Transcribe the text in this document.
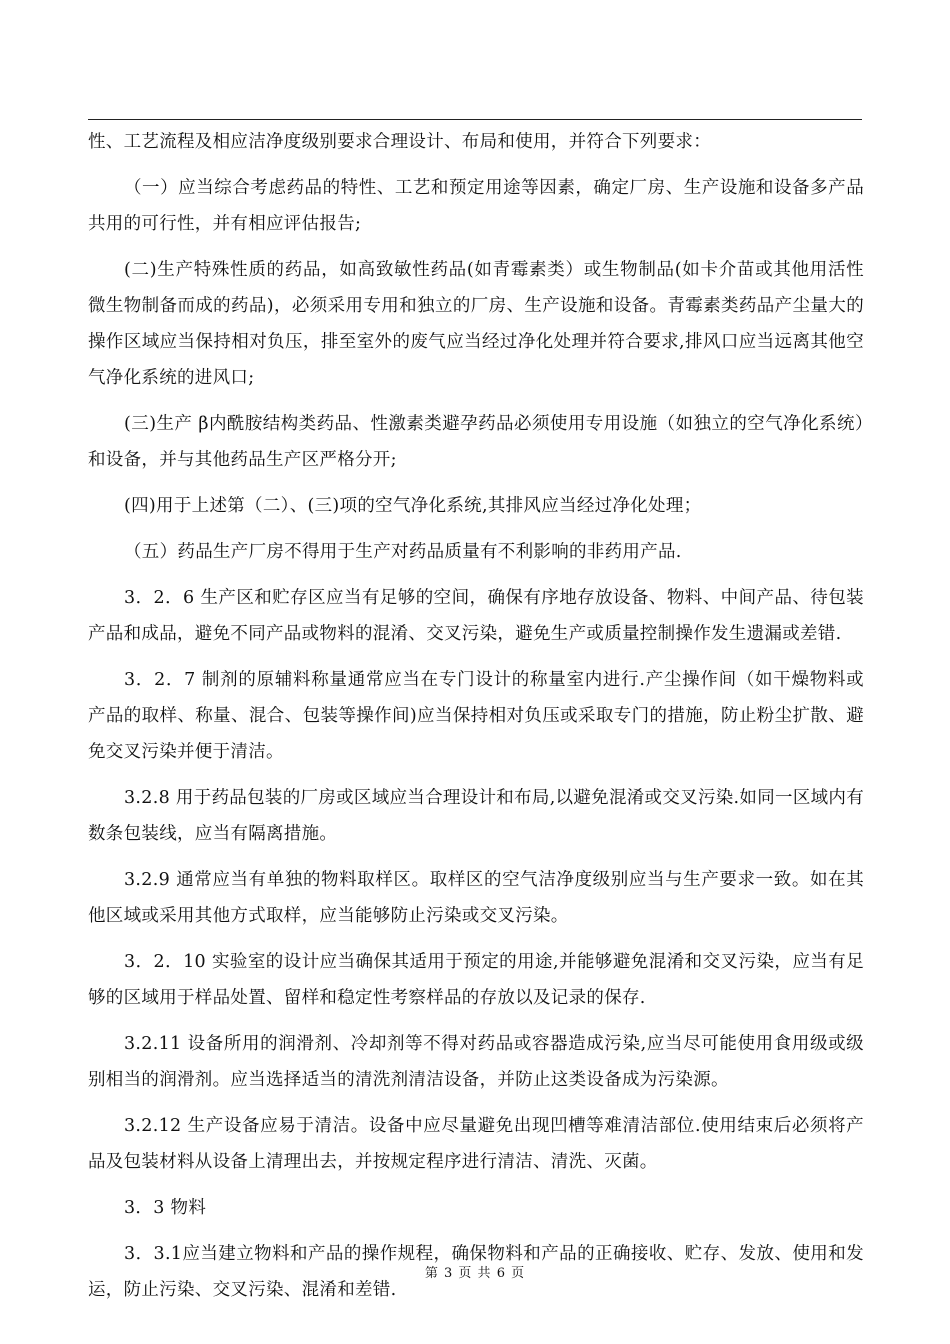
性、工艺流程及相应洁净度级别要求合理设计、布局和使用，并符合下列要求：

（一）应当综合考虑药品的特性、工艺和预定用途等因素，确定厂房、生产设施和设备多产品共用的可行性，并有相应评估报告;

(二)生产特殊性质的药品，如高致敏性药品(如青霉素类）或生物制品(如卡介苗或其他用活性微生物制备而成的药品)，必须采用专用和独立的厂房、生产设施和设备。青霉素类药品产尘量大的操作区域应当保持相对负压，排至室外的废气应当经过净化处理并符合要求,排风口应当远离其他空气净化系统的进风口;

(三)生产 β内酰胺结构类药品、性激素类避孕药品必须使用专用设施（如独立的空气净化系统）和设备，并与其他药品生产区严格分开;

(四)用于上述第（二）、(三)项的空气净化系统,其排风应当经过净化处理；

（五）药品生产厂房不得用于生产对药品质量有不利影响的非药用产品.

3．2．6 生产区和贮存区应当有足够的空间，确保有序地存放设备、物料、中间产品、待包装产品和成品，避免不同产品或物料的混淆、交叉污染，避免生产或质量控制操作发生遗漏或差错.

3．2．7 制剂的原辅料称量通常应当在专门设计的称量室内进行.产尘操作间（如干燥物料或产品的取样、称量、混合、包装等操作间)应当保持相对负压或采取专门的措施，防止粉尘扩散、避免交叉污染并便于清洁。

3.2.8 用于药品包装的厂房或区域应当合理设计和布局,以避免混淆或交叉污染.如同一区域内有数条包装线，应当有隔离措施。

3.2.9 通常应当有单独的物料取样区。取样区的空气洁净度级别应当与生产要求一致。如在其他区域或采用其他方式取样，应当能够防止污染或交叉污染。

3．2．10 实验室的设计应当确保其适用于预定的用途,并能够避免混淆和交叉污染，应当有足够的区域用于样品处置、留样和稳定性考察样品的存放以及记录的保存.

3.2.11 设备所用的润滑剂、冷却剂等不得对药品或容器造成污染,应当尽可能使用食用级或级别相当的润滑剂。应当选择适当的清洗剂清洁设备，并防止这类设备成为污染源。

3.2.12 生产设备应易于清洁。设备中应尽量避免出现凹槽等难清洁部位.使用结束后必须将产品及包装材料从设备上清理出去，并按规定程序进行清洁、清洗、灭菌。

3．3 物料

3．3.1应当建立物料和产品的操作规程，确保物料和产品的正确接收、贮存、发放、使用和发运，防止污染、交叉污染、混淆和差错.

第 3 页 共 6 页
